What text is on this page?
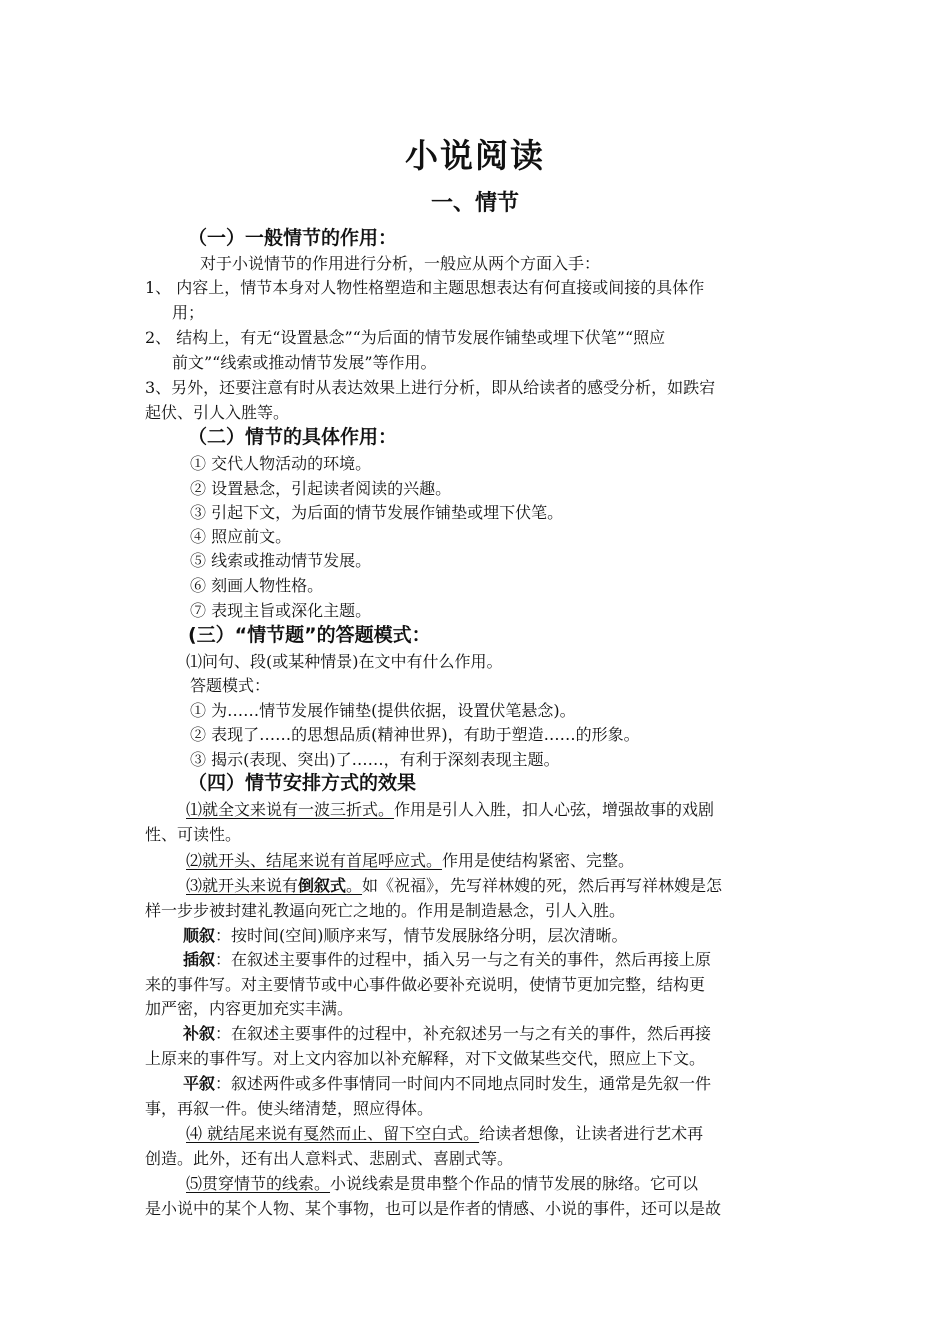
小说阅读
一、情节
（一）一般情节的作用：
对于小说情节的作用进行分析，一般应从两个方面入手：
1、 内容上，情节本身对人物性格塑造和主题思想表达有何直接或间接的具体作
用；
2、 结构上，有无“设置悬念”“为后面的情节发展作铺垫或埋下伏笔”“照应
前文”“线索或推动情节发展”等作用。
3、另外，还要注意有时从表达效果上进行分析，即从给读者的感受分析，如跌宕
起伏、引人入胜等。
（二）情节的具体作用：
① 交代人物活动的环境。
② 设置悬念，引起读者阅读的兴趣。
③ 引起下文，为后面的情节发展作铺垫或埋下伏笔。
④ 照应前文。
⑤ 线索或推动情节发展。
⑥ 刻画人物性格。
⑦ 表现主旨或深化主题。
(三）“情节题”的答题模式：
⑴问句、段(或某种情景)在文中有什么作用。
答题模式：
① 为……情节发展作铺垫(提供依据，设置伏笔悬念)。
② 表现了……的思想品质(精神世界)，有助于塑造……的形象。
③ 揭示(表现、突出)了……，有利于深刻表现主题。
（四）情节安排方式的效果
⑴就全文来说有一波三折式。作用是引人入胜，扣人心弦，增强故事的戏剧
性、可读性。
⑵就开头、结尾来说有首尾呼应式。作用是使结构紧密、完整。
⑶就开头来说有倒叙式。如《祝福》，先写祥林嫂的死，然后再写祥林嫂是怎
样一步步被封建礼教逼向死亡之地的。作用是制造悬念，引人入胜。
顺叙：按时间(空间)顺序来写，情节发展脉络分明，层次清晰。
插叙：在叙述主要事件的过程中，插入另一与之有关的事件，然后再接上原
来的事件写。对主要情节或中心事件做必要补充说明，使情节更加完整，结构更
加严密，内容更加充实丰满。
补叙：在叙述主要事件的过程中，补充叙述另一与之有关的事件，然后再接
上原来的事件写。对上文内容加以补充解释，对下文做某些交代，照应上下文。
平叙：叙述两件或多件事情同一时间内不同地点同时发生，通常是先叙一件
事，再叙一件。使头绪清楚，照应得体。
⑷ 就结尾来说有戛然而止、留下空白式。给读者想像，让读者进行艺术再
创造。此外，还有出人意料式、悲剧式、喜剧式等。
⑸贯穿情节的线索。小说线索是贯串整个作品的情节发展的脉络。它可以
是小说中的某个人物、某个事物，也可以是作者的情感、小说的事件，还可以是故
